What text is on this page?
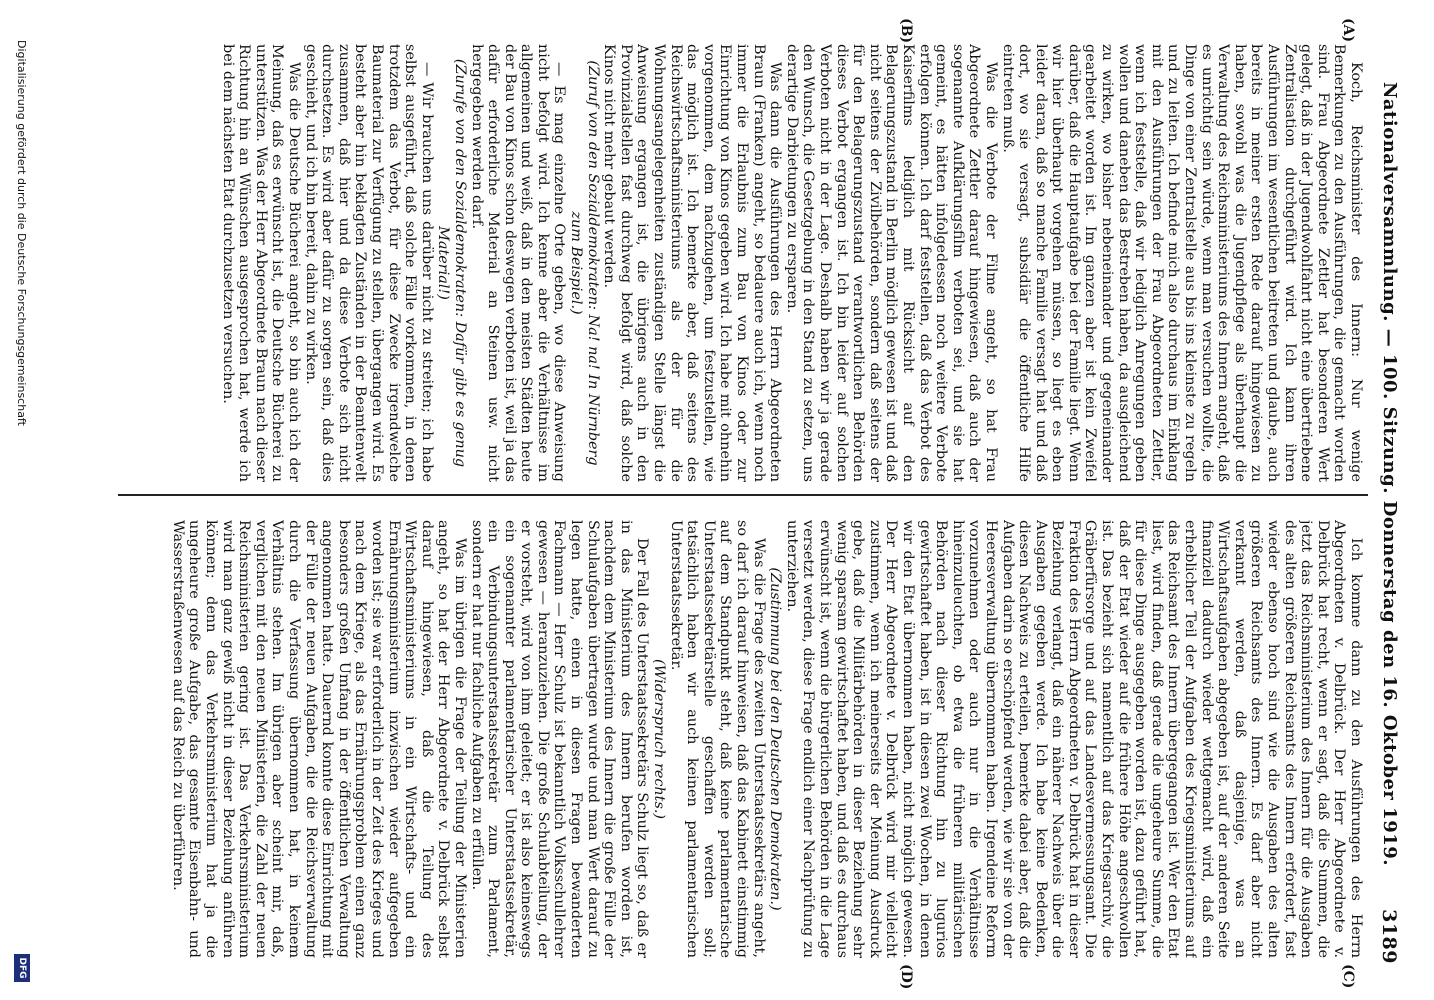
Nationalversammlung. — 100. Sitzung. Donnerstag den 16. Oktober 1919.
3189
(A)
(B)
(C)
(D)

Koch, Reichsminister des Innern: Nur wenige Bemerkungen zu den Ausführungen, die gemacht worden sind. Frau Abgeordnete Zettler hat besonderen Wert gelegt, daß in der Jugendwohlfahrt nicht eine übertriebene Zentralisation durchgeführt wird. Ich kann ihren Ausführungen im wesentlichen beitreten und glaube, auch bereits in meiner ersten Rede darauf hingewiesen zu haben, sowohl was die Jugendpflege als überhaupt die Verwaltung des Reichsministeriums des Innern angeht, daß es unrichtig sein würde, wenn man versuchen wollte, die Dinge von einer Zentralstelle aus bis ins kleinste zu regeln und zu leiten. Ich befinde mich also durchaus im Einklang mit den Ausführungen der Frau Abgeordneten Zettler, wenn ich feststelle, daß wir lediglich Anregungen geben wollen und daneben das Bestreben haben, da ausgleichend zu wirken, wo bisher nebeneinander und gegeneinander gearbeitet worden ist. Im ganzen aber ist kein Zweifel darüber, daß die Hauptaufgabe bei der Familie liegt. Wenn wir hier überhaupt vorgehen müssen, so liegt es eben leider daran, daß so manche Familie versagt hat und daß dort, wo sie versagt, subsidiär die öffentliche Hilfe eintreten muß.

Was die Verbote der Filme angeht, so hat Frau Abgeordnete Zettler darauf hingewiesen, daß auch der sogenannte Aufklärungsfilm verboten sei, und sie hat gemeint, es hätten infolgedessen noch weitere Verbote erfolgen können. Ich darf feststellen, daß das Verbot des Kaiserfilms lediglich mit Rücksicht auf den Belagerungszustand in Berlin möglich gewesen ist und daß nicht seitens der Zivilbehörden, sondern daß seitens der für den Belagerungszustand verantwortlichen Behörden dieses Verbot ergangen ist. Ich bin leider auf solchen Verboten nicht in der Lage. Deshalb haben wir ja gerade den Wunsch, die Gesetzgebung in den Stand zu setzen, uns derartige Darbietungen zu ersparen.

Was dann die Ausführungen des Herrn Abgeordneten Braun (Franken) angeht, so bedauere auch ich, wenn noch immer die Erlaubnis zum Bau von Kinos oder zur Einrichtung von Kinos gegeben wird. Ich habe mit ohnehin vorgenommen, dem nachzugehen, um festzustellen, wie das möglich ist. Ich bemerke aber, daß seitens des Reichswirtschaftsministeriums als der für die Wohnungsangelegenheiten zuständigen Stelle längst die Anweisung ergangen ist, die übrigens auch in den Provinzialstellen fast durchweg befolgt wird, daß solche Kinos nicht mehr gebaut werden.

(Zuruf von den Sozialdemokraten: Na! na! In Nürnberg zum Beispiel.)

— Es mag einzelne Orte geben, wo diese Anweisung nicht befolgt wird. Ich kenne aber die Verhältnisse im allgemeinen und weiß, daß in den meisten Städten heute der Bau von Kinos schon deswegen verboten ist, weil ja das dafür erforderliche Material an Steinen usw. nicht hergegeben werden darf.

(Zurufe von den Sozialdemokraten: Dafür gibt es genug Material!)

— Wir brauchen uns darüber nicht zu streiten; ich habe selbst ausgeführt, daß solche Fälle vorkommen, in denen trotzdem das Verbot, für diese Zwecke irgendwelche Baumaterial zur Verfügung zu stellen, übergangen wird. Es besteht aber hin beklagten Zuständen in der Beamtenwelt zusammen, daß hier und da diese Verbote sich nicht durchsetzen. Es wird aber dafür zu sorgen sein, daß dies geschieht, und ich bin bereit, dahin zu wirken.

Was die Deutsche Bücherei angeht, so bin auch ich der Meinung, daß es erwünscht ist, die Deutsche Bücherei zu unterstützen. Was der Herr Abgeordnete Braun nach dieser Richtung hin an Wünschen ausgesprochen hat, werde ich bei dem nächsten Etat durchzusetzen versuchen.

Ich komme dann zu den Ausführungen des Herrn Abgeordneten v. Delbrück. Der Herr Abgeordnete v. Delbrück hat recht, wenn er sagt, daß die Summen, die jetzt das Reichsministerium des Innern für die Ausgaben des alten größeren Reichsamts des Innern erfordert, fast wieder ebenso hoch sind wie die Ausgaben des alten größeren Reichsamts des Innern. Es darf aber nicht verkannt werden, daß dasjenige, was an Wirtschaftsaufgaben abgegeben ist, auf der anderen Seite finanziell dadurch wieder wettgemacht wird, daß ein erheblicher Teil der Aufgaben des Kriegsministeriums auf das Reichsamt des Innern übergegangen ist. Wer den Etat liest, wird finden, daß gerade die ungeheure Summe, die für diese Dinge ausgegeben worden ist, dazu geführt hat, daß der Etat wieder auf die frühere Höhe angeschwollen ist. Das bezieht sich namentlich auf das Kriegsarchiv, die Gräberfürsorge und auf das Landesvermessungsamt. Die Fraktion des Herrn Abgeordneten v. Delbrück hat in dieser Beziehung verlangt, daß ein näherer Nachweis über die Ausgaben gegeben werde. Ich habe keine Bedenken, diesen Nachweis zu erteilen, bemerke dabei aber, daß die Aufgaben darin so erschöpfend werden, wie wir sie von der Heeresverwaltung übernommen haben. Irgendeine Reform vorzunehmen oder auch nur in die Verhältnisse hineinzuleuchten, ob etwa die früheren militärischen Behörden nach dieser Richtung hin zu lugurios gewirtschaftet haben, ist in diesen zwei Wochen, in denen wir den Etat übernommen haben, nicht möglich gewesen. Der Herr Abgeordnete v. Delbrück wird mir vielleicht zustimmen, wenn ich meinerseits der Meinung Ausdruck gebe, daß die Militärbehörden in dieser Beziehung sehr wenig sparsam gewirtschaftet haben, und daß es durchaus erwünscht ist, wenn die bürgerlichen Behörden in die Lage versetzt werden, diese Frage endlich einer Nachprüfung zu unterziehen.

(Zustimmung bei den Deutschen Demokraten.)

Was die Frage des zweiten Unterstaatssekretärs angeht, so darf ich darauf hinweisen, daß das Kabinett einstimmig auf dem Standpunkt steht, daß keine parlamentarische Unterstaatssekretärstelle geschaffen werden soll; tatsächlich haben wir auch keinen parlamentarischen Unterstaatssekretär.

(Widerspruch rechts.)

Der Fall des Unterstaatssekretärs Schulz liegt so, daß er in das Ministerium des Innern berufen worden ist, nachdem dem Ministerium des Innern die große Fülle der Schulaufgaben übertragen wurde und man Wert darauf zu legen hatte, einen in diesen Fragen bewanderten Fachmann — Herr Schulz ist bekanntlich Volksschullehrer gewesen — heranzuziehen. Die große Schulabteilung, der er vorsteht, wird von ihm geleitet; er ist also keineswegs ein sogenannter parlamentarischer Unterstaatssekretär, ein Verbindungsunterstaatssekretär zum Parlament, sondern er hat nur fachliche Aufgaben zu erfüllen.

Was im übrigen die Frage der Teilung der Ministerien angeht, so hat der Herr Abgeordnete v. Delbrück selbst darauf hingewiesen, daß die Teilung des Wirtschaftsministeriums in ein Wirtschafts- und ein Ernährungsministerium inzwischen wieder aufgegeben worden ist; sie war erforderlich in der Zeit des Krieges und nach dem Kriege, als das Ernährungsproblem einen ganz besonders großen Umfang in der öffentlichen Verwaltung angenommen hatte. Dauernd konnte diese Einrichtung mit der Fülle der neuen Aufgaben, die die Reichsverwaltung durch die Verfassung übernommen hat, in keinem Verhältnis stehen. Im übrigen aber scheint mir, daß, verglichen mit den neuen Ministerien, die Zahl der neuen Reichsministerien gering ist. Das Verkehrsministerium wird man ganz gewiß nicht in dieser Beziehung anführen können; denn das Verkehrsministerium hat ja die ungeheure große Aufgabe, das gesamte Eisenbahn- und Wasserstraßenwesen auf das Reich zu überführen.

Digitalisierung gefördert durch die Deutsche Forschungsgemeinschaft
DFG
